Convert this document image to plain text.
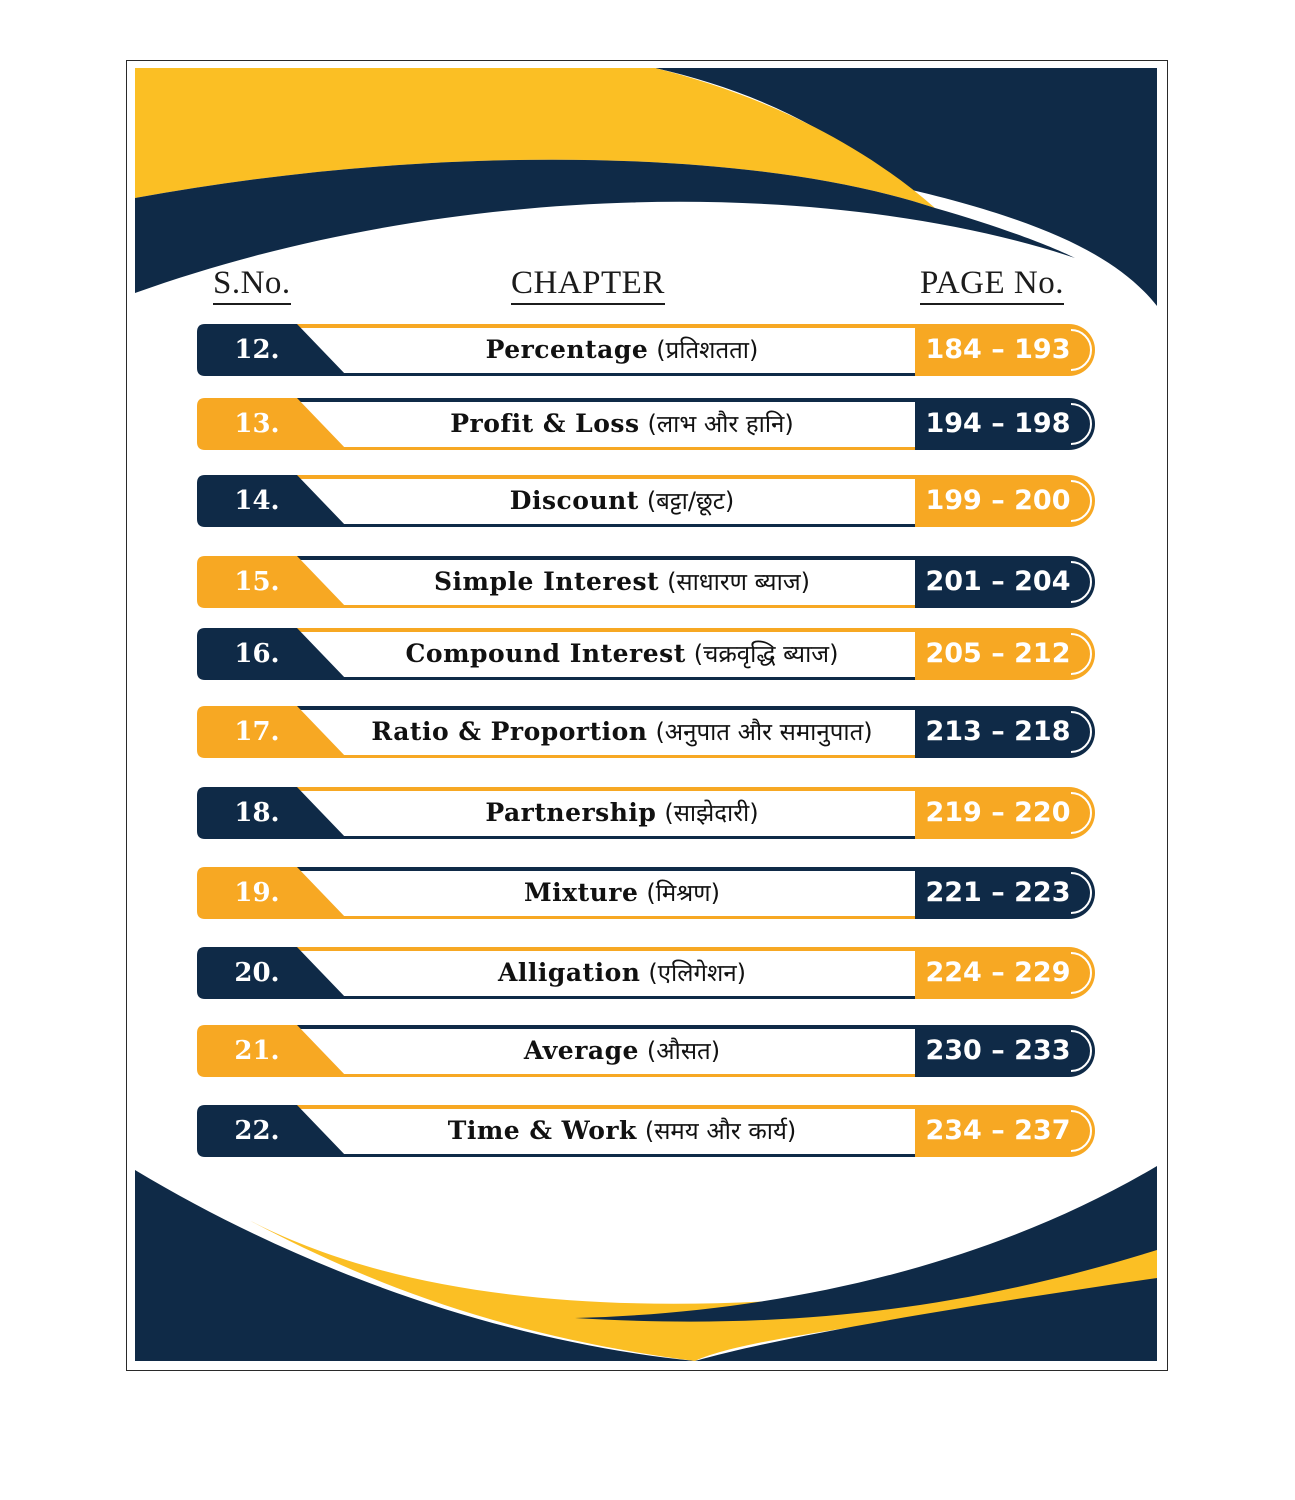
S.No.	CHAPTER	PAGE No.
12.	Percentage (प्रतिशतता)	184 – 193
13.	Profit & Loss (लाभ और हानि)	194 – 198
14.	Discount (बट्टा/छूट)	199 – 200
15.	Simple Interest (साधारण ब्याज)	201 – 204
16.	Compound Interest (चक्रवृद्धि ब्याज)	205 – 212
17.	Ratio & Proportion (अनुपात और समानुपात)	213 – 218
18.	Partnership (साझेदारी)	219 – 220
19.	Mixture (मिश्रण)	221 – 223
20.	Alligation (एलिगेशन)	224 – 229
21.	Average (औसत)	230 – 233
22.	Time & Work (समय और कार्य)	234 – 237
